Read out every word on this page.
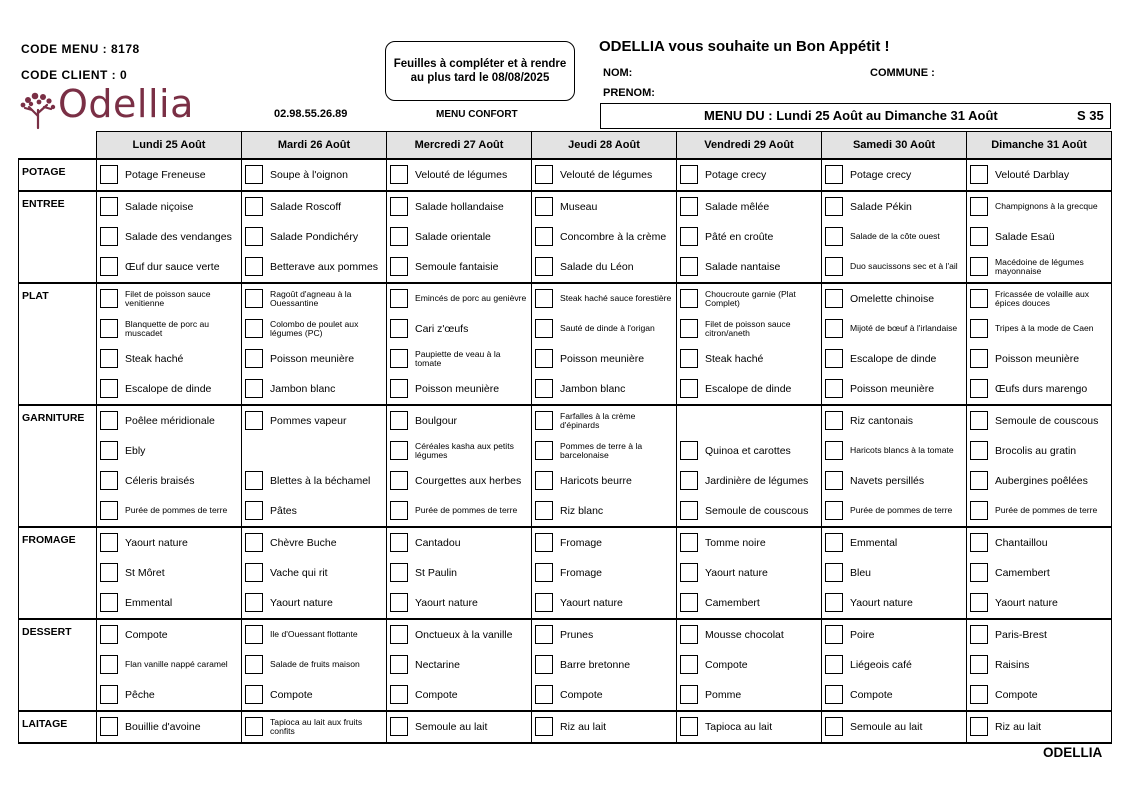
CODE MENU : 8178
CODE CLIENT : 0
Odellia	02.98.55.26.89	MENU CONFORT
Feuilles à compléter et à rendre
au plus tard le 08/08/2025
ODELLIA vous souhaite un Bon Appétit !
NOM:	COMMUNE :
PRENOM:
MENU DU : Lundi 25 Août au Dimanche 31 Août	S 35
	Lundi 25 Août	Mardi 26 Août	Mercredi 27 Août	Jeudi 28 Août	Vendredi 29 Août	Samedi 30 Août	Dimanche 31 Août
POTAGE	Potage Freneuse	Soupe à l'oignon	Velouté de légumes	Velouté de légumes	Potage crecy	Potage crecy	Velouté Darblay

ENTREE	Salade niçoise	Salade Roscoff	Salade hollandaise	Museau	Salade mêlée	Salade Pékin	Champignons à la grecque

Salade des vendanges	Salade Pondichéry	Salade orientale	Concombre à la crème	Pâté en croûte	Salade de la côte ouest	Salade Esaü

Œuf dur sauce verte	Betterave aux pommes	Semoule fantaisie	Salade du Léon	Salade nantaise	Duo saucissons sec et à l'ail	Macédoine de légumes mayonnaise

PLAT	Filet de poisson sauce venitienne	Ragoût d'agneau à la Ouessantine	Emincés de porc au genièvre	Steak haché sauce forestière	Choucroute garnie (Plat Complet)	Omelette chinoise	Fricassée de volaille aux épices douces

Blanquette de porc au muscadet	Colombo de poulet aux légumes (PC)	Cari z'œufs	Sauté de dinde à l'origan	Filet de poisson sauce citron/aneth	Mijoté de bœuf à l'irlandaise	Tripes à la mode de Caen

Steak haché	Poisson meunière	Paupiette de veau à la tomate	Poisson meunière	Steak haché	Escalope de dinde	Poisson meunière

Escalope de dinde	Jambon blanc	Poisson meunière	Jambon blanc	Escalope de dinde	Poisson meunière	Œufs durs marengo

GARNITURE	Poêlee méridionale	Pommes vapeur	Boulgour	Farfalles à la crème d'épinards		Riz cantonais	Semoule de couscous

Ebly		Céréales kasha aux petits légumes	Pommes de terre à la barcelonaise	Quinoa et carottes	Haricots blancs à la tomate	Brocolis au gratin

Céleris braisés	Blettes à la béchamel	Courgettes aux herbes	Haricots beurre	Jardinière de légumes	Navets persillés	Aubergines poêlées

Purée de pommes de terre	Pâtes	Purée de pommes de terre	Riz blanc	Semoule de couscous	Purée de pommes de terre	Purée de pommes de terre

FROMAGE	Yaourt nature	Chèvre Buche	Cantadou	Fromage	Tomme noire	Emmental	Chantaillou

St Môret	Vache qui rit	St Paulin	Fromage	Yaourt nature	Bleu	Camembert

Emmental	Yaourt nature	Yaourt nature	Yaourt nature	Camembert	Yaourt nature	Yaourt nature

DESSERT	Compote	Ile d'Ouessant flottante	Onctueux à la vanille	Prunes	Mousse chocolat	Poire	Paris-Brest

Flan vanille nappé caramel	Salade de fruits maison	Nectarine	Barre bretonne	Compote	Liégeois café	Raisins

Pêche	Compote	Compote	Compote	Pomme	Compote	Compote

LAITAGE	Bouillie d'avoine	Tapioca au lait aux fruits confits	Semoule au lait	Riz au lait	Tapioca au lait	Semoule au lait	Riz au lait
ODELLIA
